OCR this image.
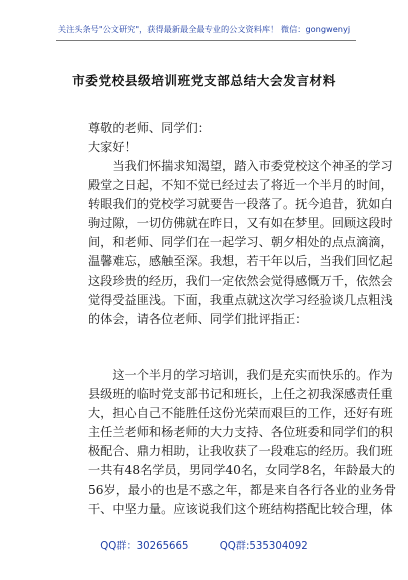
关注头条号"公文研究"，获得最新最全最专业的公文资料库！ 微信：gongwenyj
市委党校县级培训班党支部总结大会发言材料
尊敬的老师、同学们：
大家好！
　　当我们怀揣求知渴望，踏入市委党校这个神圣的学习
殿堂之日起，不知不觉已经过去了将近一个半月的时间，
转眼我们的党校学习就要告一段落了。抚今追昔，犹如白
驹过隙，一切仿佛就在昨日，又有如在梦里。回顾这段时
间，和老师、同学们在一起学习、朝夕相处的点点滴滴，
温馨难忘，感触至深。我想，若干年以后，当我们回忆起
这段珍贵的经历，我们一定依然会觉得感慨万千，依然会
觉得受益匪浅。下面，我重点就这次学习经验谈几点粗浅
的体会，请各位老师、同学们批评指正：
　　这一个半月的学习培训，我们是充实而快乐的。作为
县级班的临时党支部书记和班长，上任之初我深感责任重
大，担心自己不能胜任这份光荣而艰巨的工作，还好有班
主任兰老师和杨老师的大力支持、各位班委和同学们的积
极配合、鼎力相助，让我收获了一段难忘的经历。我们班
一共有48名学员，男同学40名，女同学8名，年龄最大的
56岁，最小的也是不惑之年，都是来自各行各业的业务骨
干、中坚力量。应该说我们这个班结构搭配比较合理，体
QQ群：30265665	QQ群:535304092
